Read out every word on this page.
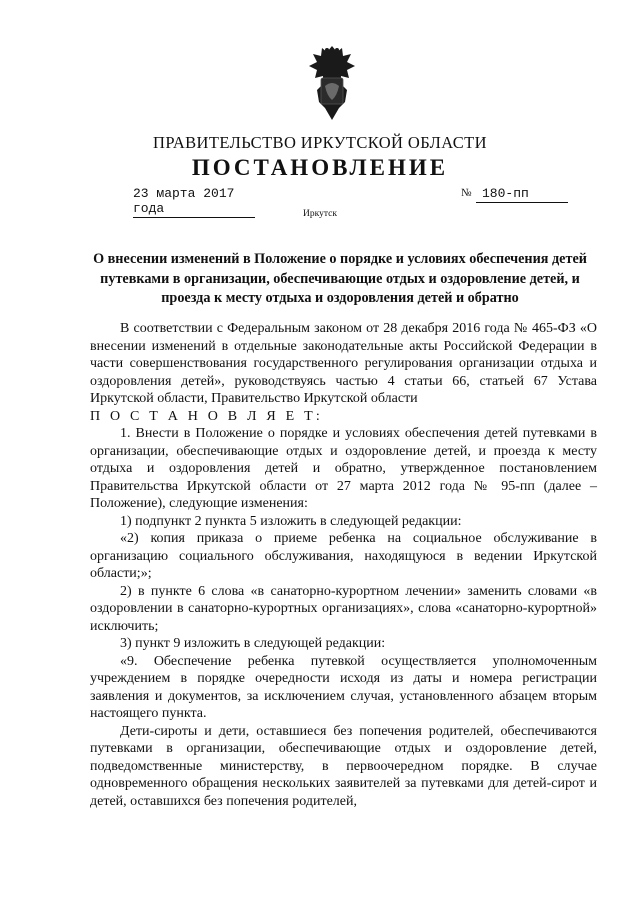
ПРАВИТЕЛЬСТВО ИРКУТСКОЙ ОБЛАСТИ
ПОСТАНОВЛЕНИЕ
23 марта 2017 года
№ 180-пп
Иркутск
О внесении изменений в Положение о порядке и условиях обеспечения детей путевками в организации, обеспечивающие отдых и оздоровление детей, и проезда к месту отдыха и оздоровления детей и обратно

В соответствии с Федеральным законом от 28 декабря 2016 года № 465-ФЗ «О внесении изменений в отдельные законодательные акты Российской Федерации в части совершенствования государственного регулирования организации отдыха и оздоровления детей», руководствуясь частью 4 статьи 66, статьей 67 Устава Иркутской области, Правительство Иркутской области

П О С Т А Н О В Л Я Е Т:

1. Внести в Положение о порядке и условиях обеспечения детей путевками в организации, обеспечивающие отдых и оздоровление детей, и проезда к месту отдыха и оздоровления детей и обратно, утвержденное постановлением Правительства Иркутской области от 27 марта 2012 года № 95-пп (далее – Положение), следующие изменения:

1) подпункт 2 пункта 5 изложить в следующей редакции:

«2) копия приказа о приеме ребенка на социальное обслуживание в организацию социального обслуживания, находящуюся в ведении Иркутской области;»;

2) в пункте 6 слова «в санаторно-курортном лечении» заменить словами «в оздоровлении в санаторно-курортных организациях», слова «санаторно-курортной» исключить;

3) пункт 9 изложить в следующей редакции:

«9. Обеспечение ребенка путевкой осуществляется уполномоченным учреждением в порядке очередности исходя из даты и номера регистрации заявления и документов, за исключением случая, установленного абзацем вторым настоящего пункта.

Дети-сироты и дети, оставшиеся без попечения родителей, обеспечиваются путевками в организации, обеспечивающие отдых и оздоровление детей, подведомственные министерству, в первоочередном порядке. В случае одновременного обращения нескольких заявителей за путевками для детей-сирот и детей, оставшихся без попечения родителей,
